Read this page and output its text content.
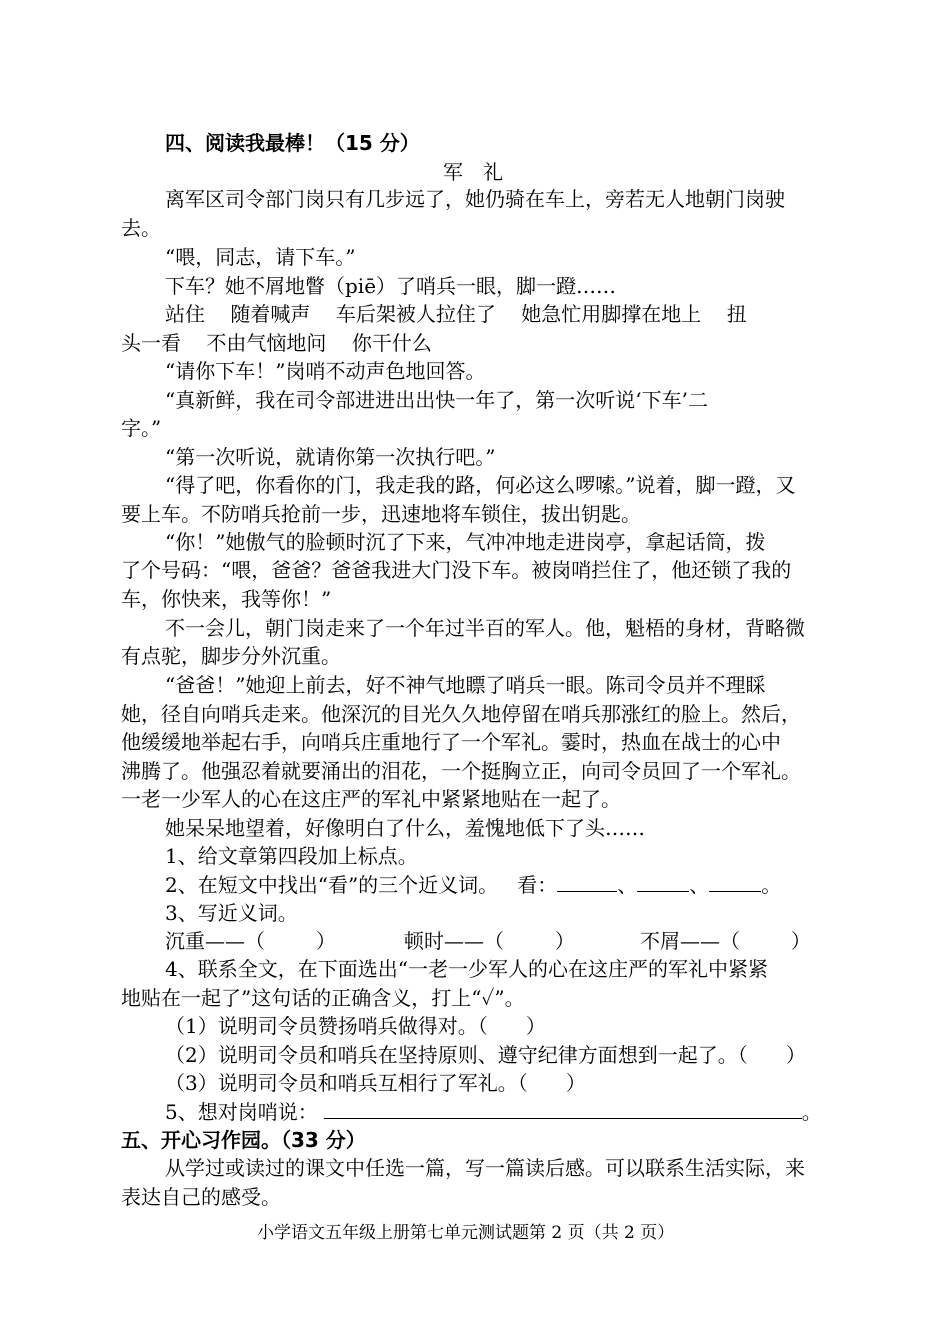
四、阅读我最棒！（15 分）
军礼
离军区司令部门岗只有几步远了，她仍骑在车上，旁若无人地朝门岗驶
去。
“喂，同志，请下车。”
下车？她不屑地瞥（piē）了哨兵一眼，脚一蹬……
站住    随着喊声    车后架被人拉住了    她急忙用脚撑在地上    扭
头一看    不由气恼地问    你干什么
“请你下车！”岗哨不动声色地回答。
“真新鲜，我在司令部进进出出快一年了，第一次听说‘下车’二
字。”
“第一次听说，就请你第一次执行吧。”
“得了吧，你看你的门，我走我的路，何必这么啰嗦。”说着，脚一蹬，又
要上车。不防哨兵抢前一步，迅速地将车锁住，拔出钥匙。
“你！”她傲气的脸顿时沉了下来，气冲冲地走进岗亭，拿起话筒，拨
了个号码：“喂，爸爸？爸爸我进大门没下车。被岗哨拦住了，他还锁了我的
车，你快来，我等你！”
不一会儿，朝门岗走来了一个年过半百的军人。他，魁梧的身材，背略微
有点驼，脚步分外沉重。
“爸爸！”她迎上前去，好不神气地瞟了哨兵一眼。陈司令员并不理睬
她，径自向哨兵走来。他深沉的目光久久地停留在哨兵那涨红的脸上。然后，
他缓缓地举起右手，向哨兵庄重地行了一个军礼。霎时，热血在战士的心中
沸腾了。他强忍着就要涌出的泪花，一个挺胸立正，向司令员回了一个军礼。
一老一少军人的心在这庄严的军礼中紧紧地贴在一起了。
她呆呆地望着，好像明白了什么，羞愧地低下了头……
1、给文章第四段加上标点。
2、在短文中找出“看”的三个近义词。   看：	、	、	。
3、写近义词。
沉重——（        ）	顿时——（        ）	不屑——（        ）
4、联系全文，在下面选出“一老一少军人的心在这庄严的军礼中紧紧
地贴在一起了”这句话的正确含义，打上“✓”。
（1）说明司令员赞扬哨兵做得对。（      ）
（2）说明司令员和哨兵在坚持原则、遵守纪律方面想到一起了。（      ）
（3）说明司令员和哨兵互相行了军礼。（      ）
5、想对岗哨说：	。
五、开心习作园。（33 分）
从学过或读过的课文中任选一篇，写一篇读后感。可以联系生活实际，来
表达自己的感受。
小学语文五年级上册第七单元测试题第 2 页（共 2 页）
